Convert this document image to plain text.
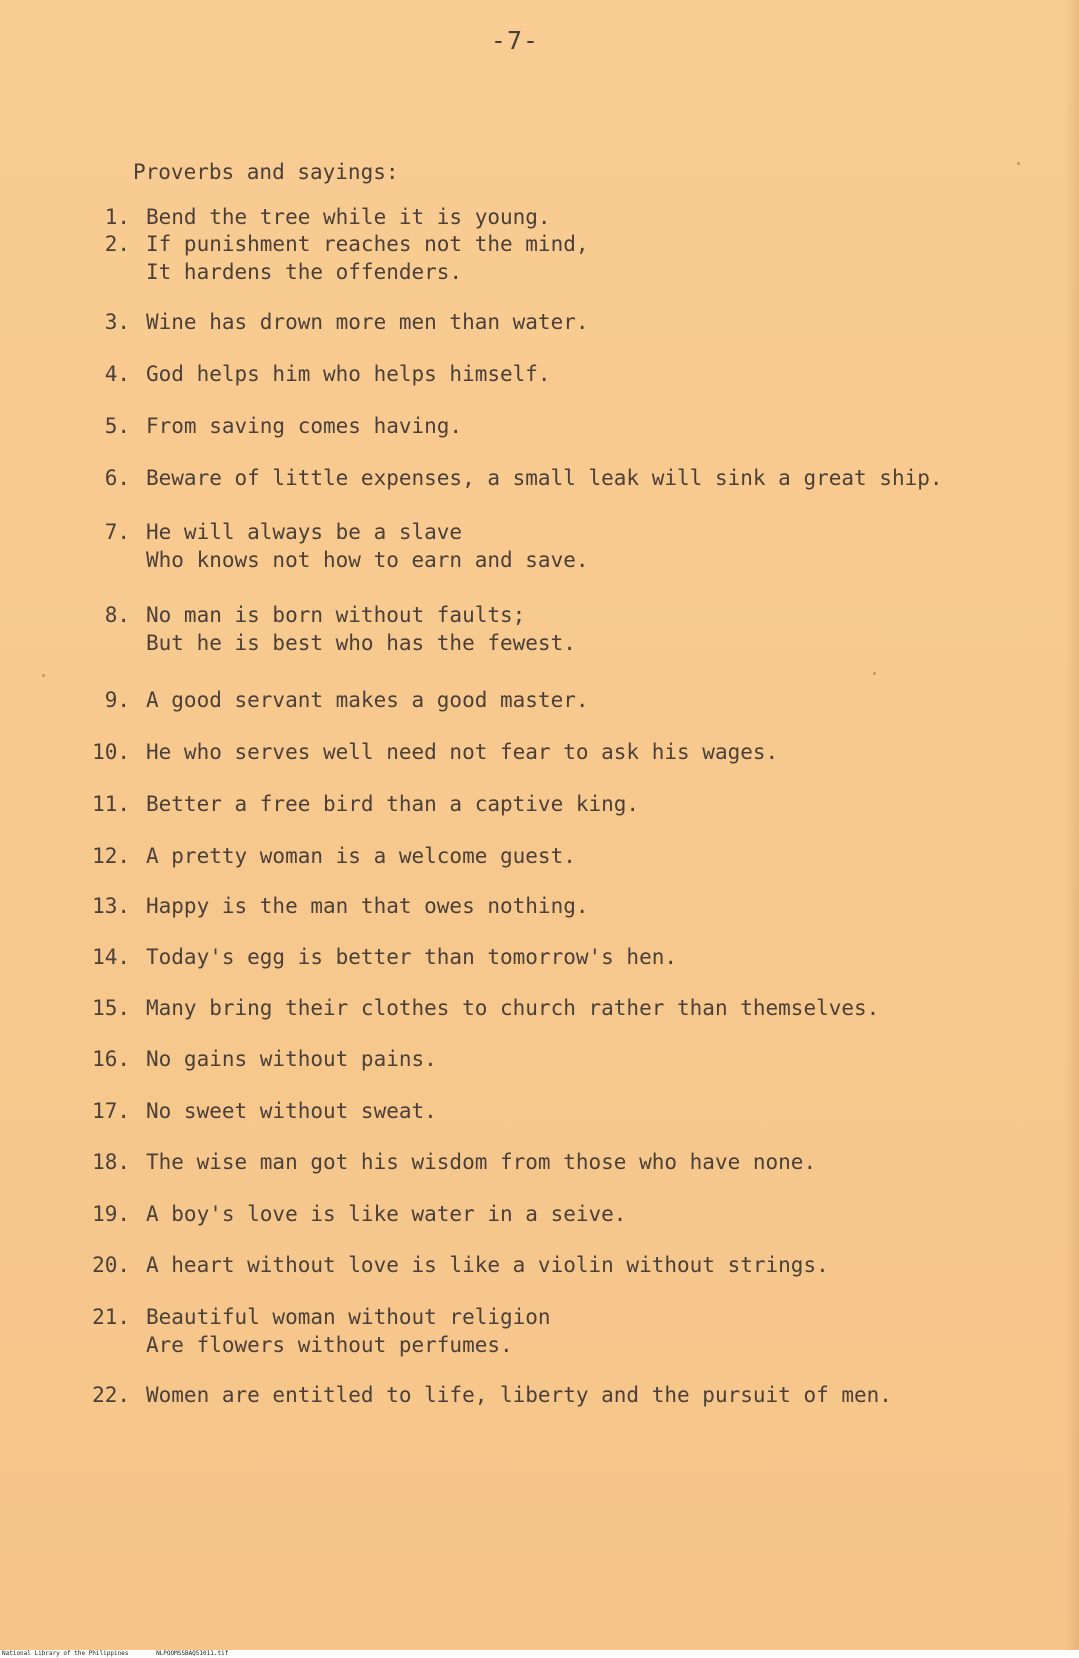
-7-
Proverbs and sayings:
1. Bend the tree while it is young.
2. If punishment reaches not the mind,
It hardens the offenders.
3. Wine has drown more men than water.
4. God helps him who helps himself.
5. From saving comes having.
6. Beware of little expenses, a small leak will sink a great ship.
7. He will always be a slave
Who knows not how to earn and save.
8. No man is born without faults;
But he is best who has the fewest.
9. A good servant makes a good master.
10. He who serves well need not fear to ask his wages.
11. Better a free bird than a captive king.
12. A pretty woman is a welcome guest.
13. Happy is the man that owes nothing.
14. Today's egg is better than tomorrow's hen.
15. Many bring their clothes to church rather than themselves.
16. No gains without pains.
17. No sweet without sweat.
18. The wise man got his wisdom from those who have none.
19. A boy's love is like water in a seive.
20. A heart without love is like a violin without strings.
21. Beautiful woman without religion
Are flowers without perfumes.
22. Women are entitled to life, liberty and the pursuit of men.
National Library of the Philippines	NLPOOMSSBAQ51011.tif
